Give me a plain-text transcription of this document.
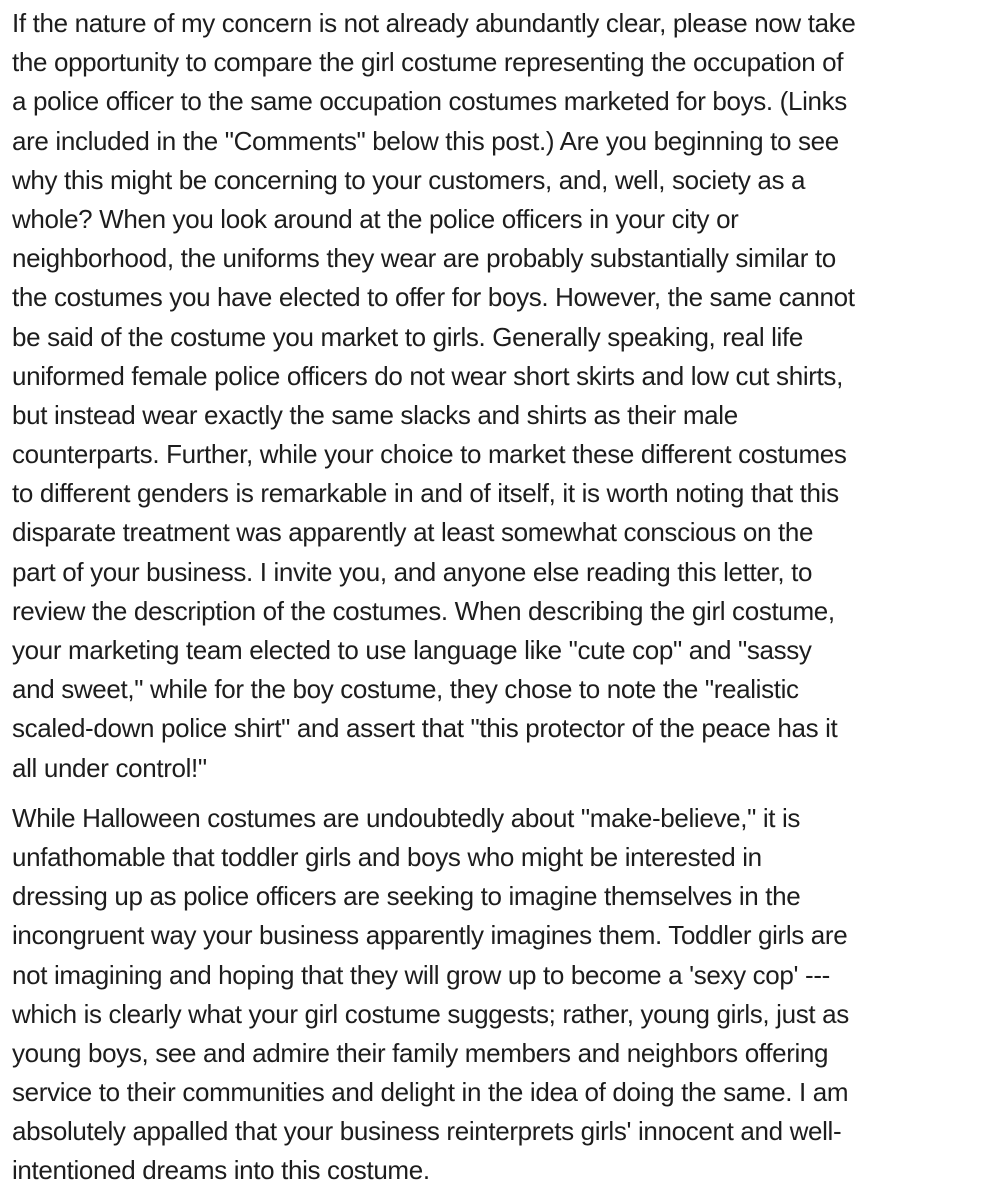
If the nature of my concern is not already abundantly clear, please now take
the opportunity to compare the girl costume representing the occupation of
a police officer to the same occupation costumes marketed for boys. (Links
are included in the "Comments" below this post.) Are you beginning to see
why this might be concerning to your customers, and, well, society as a
whole? When you look around at the police officers in your city or
neighborhood, the uniforms they wear are probably substantially similar to
the costumes you have elected to offer for boys. However, the same cannot
be said of the costume you market to girls. Generally speaking, real life
uniformed female police officers do not wear short skirts and low cut shirts,
but instead wear exactly the same slacks and shirts as their male
counterparts. Further, while your choice to market these different costumes
to different genders is remarkable in and of itself, it is worth noting that this
disparate treatment was apparently at least somewhat conscious on the
part of your business. I invite you, and anyone else reading this letter, to
review the description of the costumes. When describing the girl costume,
your marketing team elected to use language like "cute cop" and "sassy
and sweet," while for the boy costume, they chose to note the "realistic
scaled-down police shirt" and assert that "this protector of the peace has it
all under control!"
While Halloween costumes are undoubtedly about "make-believe," it is
unfathomable that toddler girls and boys who might be interested in
dressing up as police officers are seeking to imagine themselves in the
incongruent way your business apparently imagines them. Toddler girls are
not imagining and hoping that they will grow up to become a 'sexy cop' ---
which is clearly what your girl costume suggests; rather, young girls, just as
young boys, see and admire their family members and neighbors offering
service to their communities and delight in the idea of doing the same. I am
absolutely appalled that your business reinterprets girls' innocent and well-
intentioned dreams into this costume.
